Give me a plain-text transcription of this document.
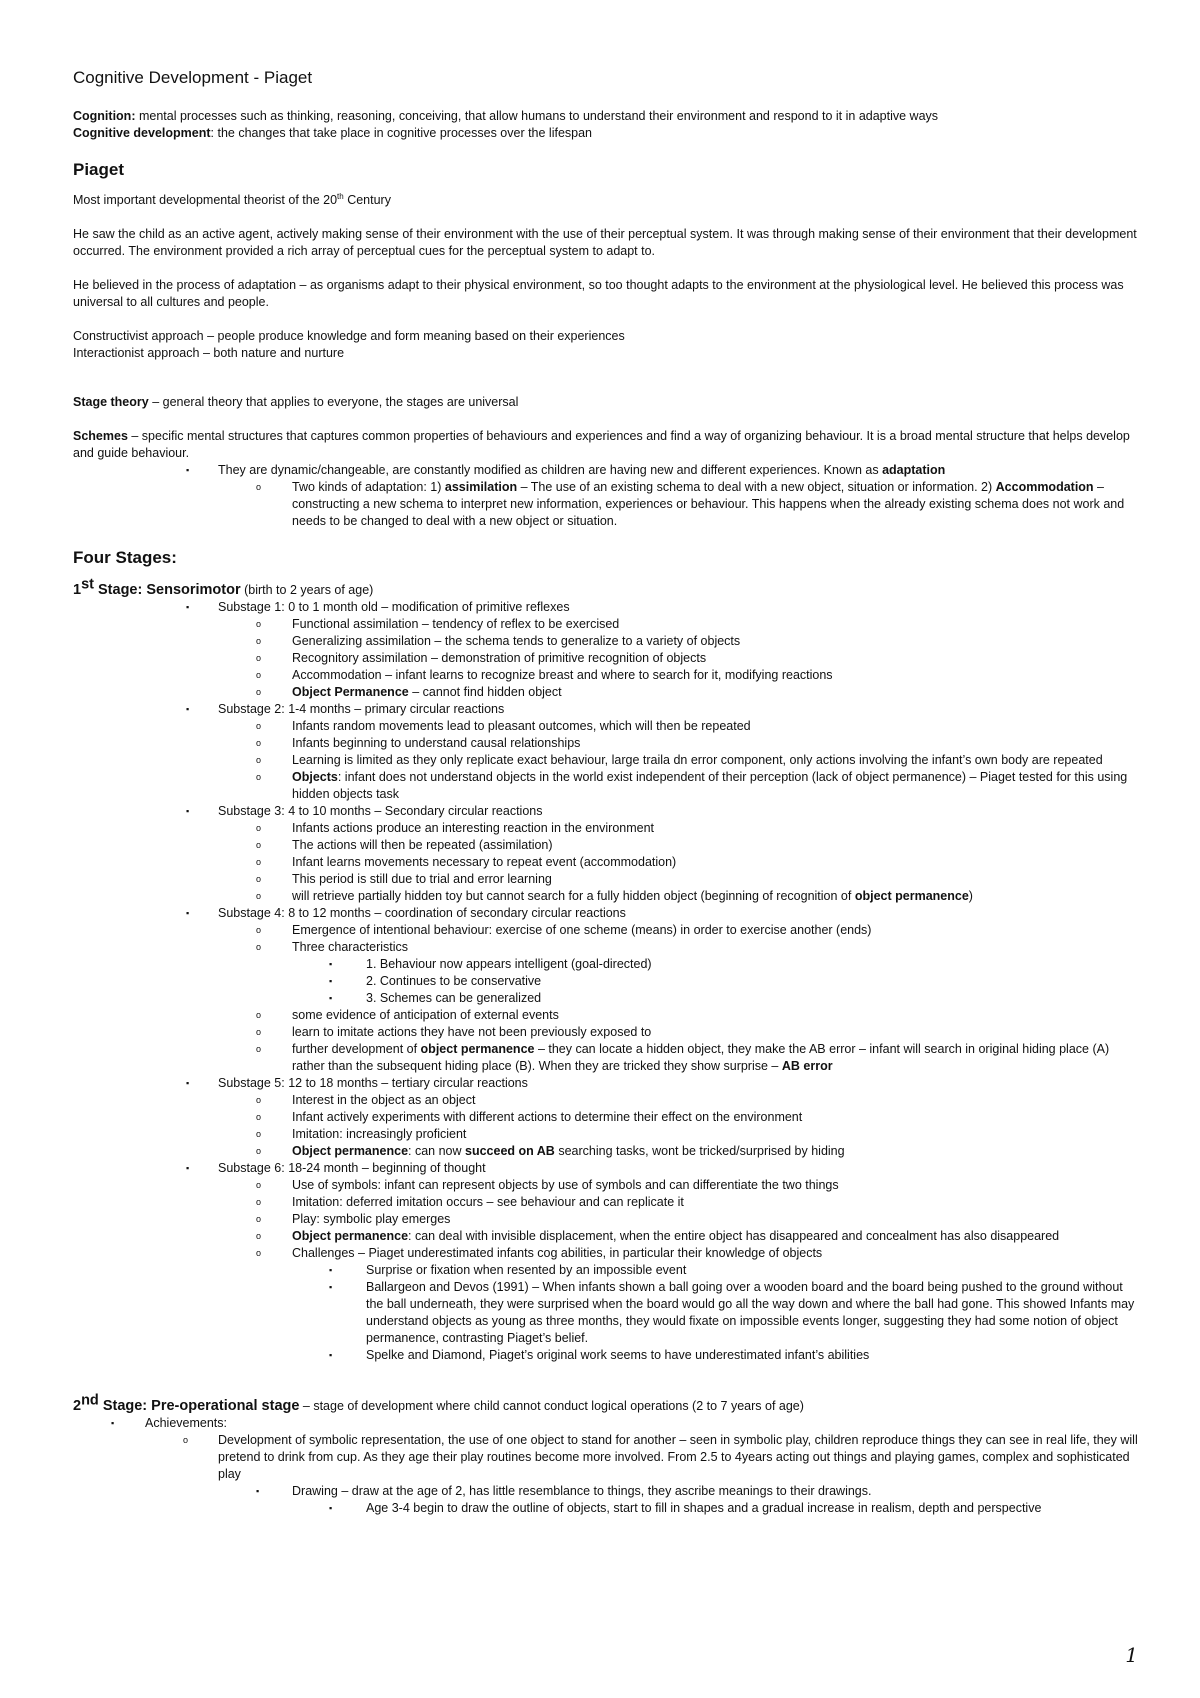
Cognitive Development - Piaget

Cognition: mental processes such as thinking, reasoning, conceiving, that allow humans to understand their environment and respond to it in adaptive ways

Cognitive development: the changes that take place in cognitive processes over the lifespan

Piaget

Most important developmental theorist of the 20th Century

He saw the child as an active agent, actively making sense of their environment with the use of their perceptual system. It was through making sense of their environment that their development occurred. The environment provided a rich array of perceptual cues for the perceptual system to adapt to.

He believed in the process of adaptation – as organisms adapt to their physical environment, so too thought adapts to the environment at the physiological level. He believed this process was universal to all cultures and people.

Constructivist approach – people produce knowledge and form meaning based on their experiences

Interactionist approach – both nature and nurture

Stage theory – general theory that applies to everyone, the stages are universal

Schemes – specific mental structures that captures common properties of behaviours and experiences and find a way of organizing behaviour. It is a broad mental structure that helps develop and guide behaviour.

▪ They are dynamic/changeable, are constantly modified as children are having new and different experiences. Known as adaptation
o Two kinds of adaptation: 1) assimilation – The use of an existing schema to deal with a new object, situation or information. 2) Accommodation – constructing a new schema to interpret new information, experiences or behaviour. This happens when the already existing schema does not work and needs to be changed to deal with a new object or situation.
Four Stages:

1st Stage: Sensorimotor (birth to 2 years of age)

▪ Substage 1: 0 to 1 month old – modification of primitive reflexes
o Functional assimilation – tendency of reflex to be exercised
o Generalizing assimilation – the schema tends to generalize to a variety of objects
o Recognitory assimilation – demonstration of primitive recognition of objects
o Accommodation – infant learns to recognize breast and where to search for it, modifying reactions
o Object Permanence – cannot find hidden object
▪ Substage 2: 1-4 months – primary circular reactions
o Infants random movements lead to pleasant outcomes, which will then be repeated
o Infants beginning to understand causal relationships
o Learning is limited as they only replicate exact behaviour, large traila dn error component, only actions involving the infant’s own body are repeated
o Objects: infant does not understand objects in the world exist independent of their perception (lack of object permanence) – Piaget tested for this using hidden objects task
▪ Substage 3: 4 to 10 months – Secondary circular reactions
o Infants actions produce an interesting reaction in the environment
o The actions will then be repeated (assimilation)
o Infant learns movements necessary to repeat event (accommodation)
o This period is still due to trial and error learning
o will retrieve partially hidden toy but cannot search for a fully hidden object (beginning of recognition of object permanence)
▪ Substage 4: 8 to 12 months – coordination of secondary circular reactions
o Emergence of intentional behaviour: exercise of one scheme (means) in order to exercise another (ends)
o Three characteristics
▪	1. Behaviour now appears intelligent (goal-directed)
▪	2. Continues to be conservative
▪	3. Schemes can be generalized
o some evidence of anticipation of external events
o learn to imitate actions they have not been previously exposed to
o further development of object permanence – they can locate a hidden object, they make the AB error – infant will search in original hiding place (A) rather than the subsequent hiding place (B). When they are tricked they show surprise – AB error
▪ Substage 5: 12 to 18 months – tertiary circular reactions
o Interest in the object as an object
o Infant actively experiments with different actions to determine their effect on the environment
o Imitation: increasingly proficient
o Object permanence: can now succeed on AB searching tasks, wont be tricked/surprised by hiding
▪ Substage 6: 18-24 month – beginning of thought
o Use of symbols: infant can represent objects by use of symbols and can differentiate the two things
o Imitation: deferred imitation occurs – see behaviour and can replicate it
o Play: symbolic play emerges
o Object permanence: can deal with invisible displacement, when the entire object has disappeared and concealment has also disappeared
o Challenges – Piaget underestimated infants cog abilities, in particular their knowledge of objects
▪	Surprise or fixation when resented by an impossible event
▪	Ballargeon and Devos (1991) – When infants shown a ball going over a wooden board and the board being pushed to the ground without the ball underneath, they were surprised when the board would go all the way down and where the ball had gone. This showed Infants may understand objects as young as three months, they would fixate on impossible events longer, suggesting they had some notion of object permanence, contrasting Piaget’s belief.
▪	Spelke and Diamond, Piaget’s original work seems to have underestimated infant’s abilities

2nd Stage: Pre-operational stage – stage of development where child cannot conduct logical operations (2 to 7 years of age)

▪ Achievements:
o Development of symbolic representation, the use of one object to stand for another – seen in symbolic play, children reproduce things they can see in real life, they will pretend to drink from cup. As they age their play routines become more involved. From 2.5 to 4years acting out things and playing games, complex and sophisticated play
▪	Drawing – draw at the age of 2, has little resemblance to things, they ascribe meanings to their drawings.
▪	Age 3-4 begin to draw the outline of objects, start to fill in shapes and a gradual increase in realism, depth and perspective
1
